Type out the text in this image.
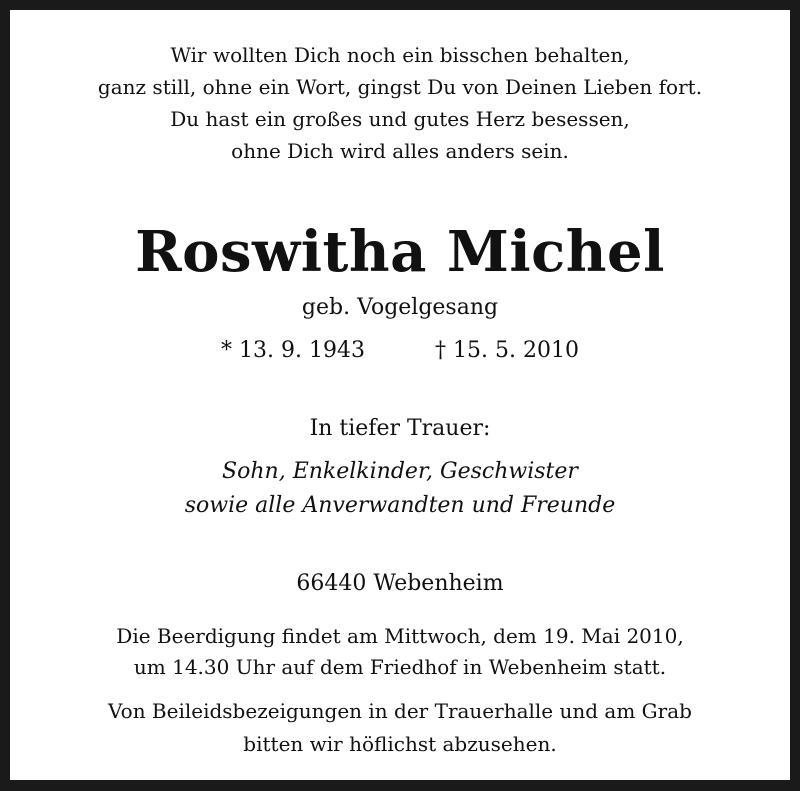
Wir wollten Dich noch ein bisschen behalten,
ganz still, ohne ein Wort, gingst Du von Deinen Lieben fort.
Du hast ein großes und gutes Herz besessen,
ohne Dich wird alles anders sein.
Roswitha Michel
geb. Vogelgesang
* 13. 9. 1943	† 15. 5. 2010
In tiefer Trauer:
Sohn, Enkelkinder, Geschwister
sowie alle Anverwandten und Freunde
66440 Webenheim
Die Beerdigung findet am Mittwoch, dem 19. Mai 2010,
um 14.30 Uhr auf dem Friedhof in Webenheim statt.
Von Beileidsbezeigungen in der Trauerhalle und am Grab
bitten wir höflichst abzusehen.
